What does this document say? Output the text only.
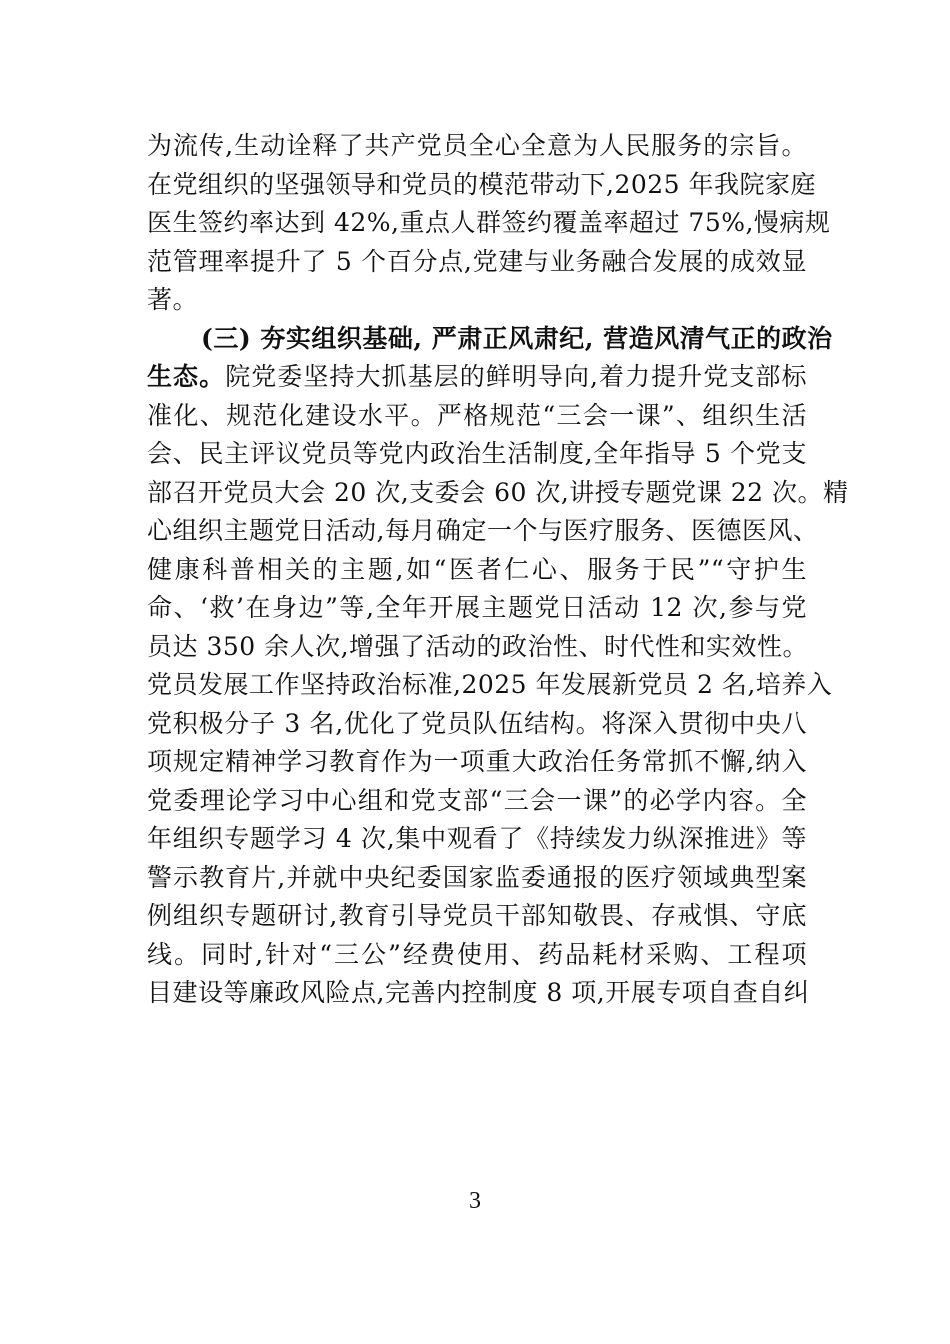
为流传,生动诠释了共产党员全心全意为人民服务的宗旨。
在党组织的坚强领导和党员的模范带动下,2025 年我院家庭
医生签约率达到 42%,重点人群签约覆盖率超过 75%,慢病规
范管理率提升了 5 个百分点,党建与业务融合发展的成效显
著。
(三) 夯实组织基础, 严肃正风肃纪, 营造风清气正的政治
生态。院党委坚持大抓基层的鲜明导向,着力提升党支部标
准化、规范化建设水平。严格规范“三会一课”、组织生活
会、民主评议党员等党内政治生活制度,全年指导 5 个党支
部召开党员大会 20 次,支委会 60 次,讲授专题党课 22 次。精
心组织主题党日活动,每月确定一个与医疗服务、医德医风、
健康科普相关的主题,如“医者仁心、服务于民”“守护生
命、‘救’在身边”等,全年开展主题党日活动 12 次,参与党
员达 350 余人次,增强了活动的政治性、时代性和实效性。
党员发展工作坚持政治标准,2025 年发展新党员 2 名,培养入
党积极分子 3 名,优化了党员队伍结构。将深入贯彻中央八
项规定精神学习教育作为一项重大政治任务常抓不懈,纳入
党委理论学习中心组和党支部“三会一课”的必学内容。全
年组织专题学习 4 次,集中观看了《持续发力纵深推进》等
警示教育片,并就中央纪委国家监委通报的医疗领域典型案
例组织专题研讨,教育引导党员干部知敬畏、存戒惧、守底
线。同时,针对“三公”经费使用、药品耗材采购、工程项
目建设等廉政风险点,完善内控制度 8 项,开展专项自查自纠
3
